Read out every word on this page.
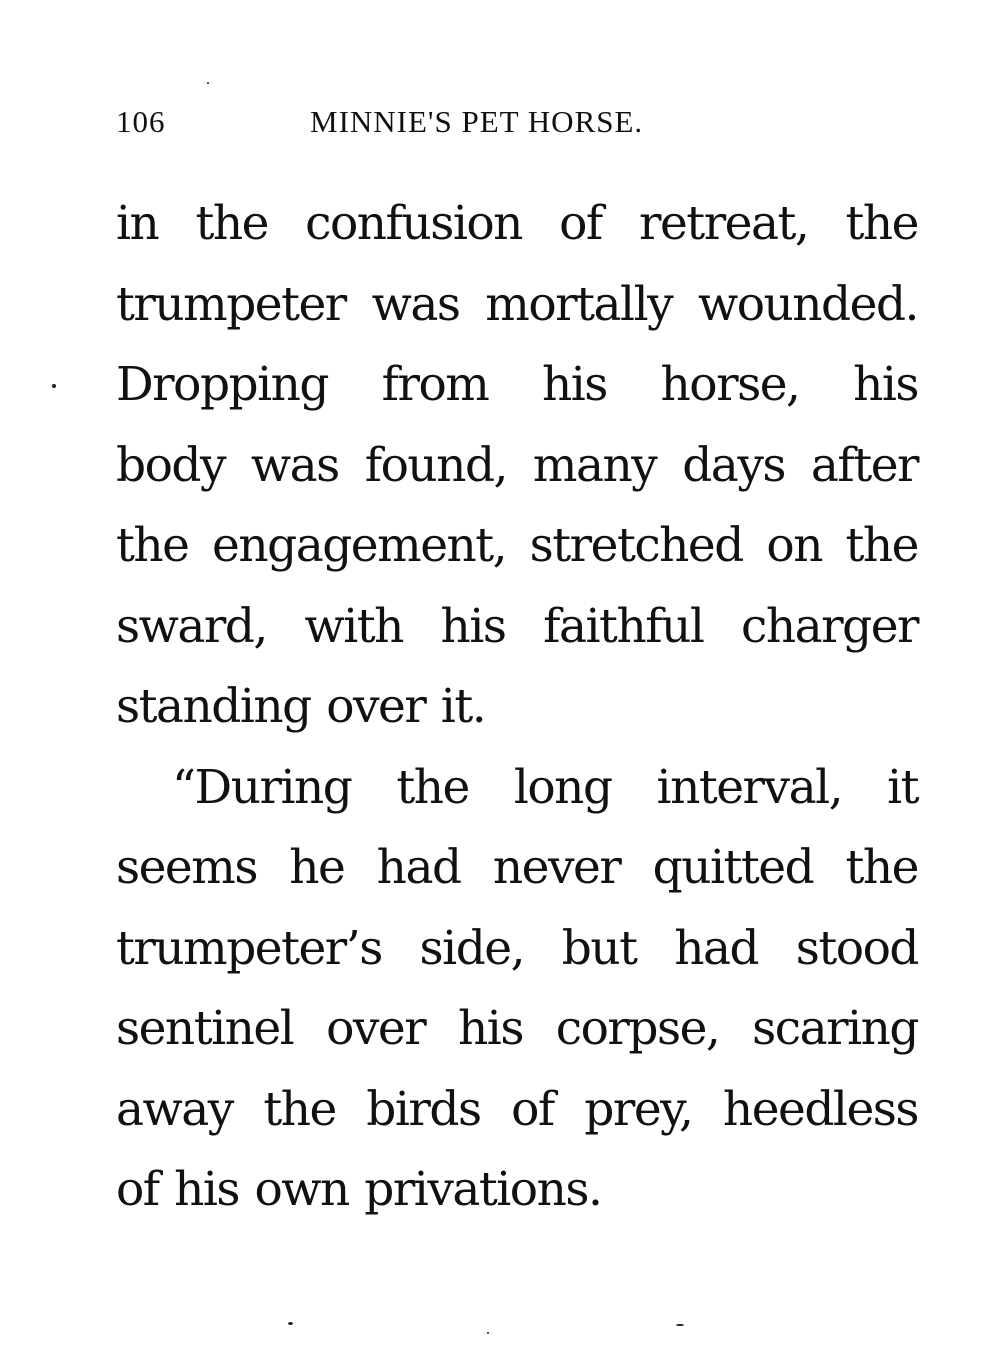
106	MINNIE'S PET HORSE.
in the confusion of retreat, the
trumpeter was mortally wounded.
Dropping from his horse, his
body was found, many days after
the engagement, stretched on the
sward, with his faithful charger
standing over it.
“During the long interval, it
seems he had never quitted the
trumpeter’s side, but had stood
sentinel over his corpse, scaring
away the birds of prey, heedless
of his own privations.
